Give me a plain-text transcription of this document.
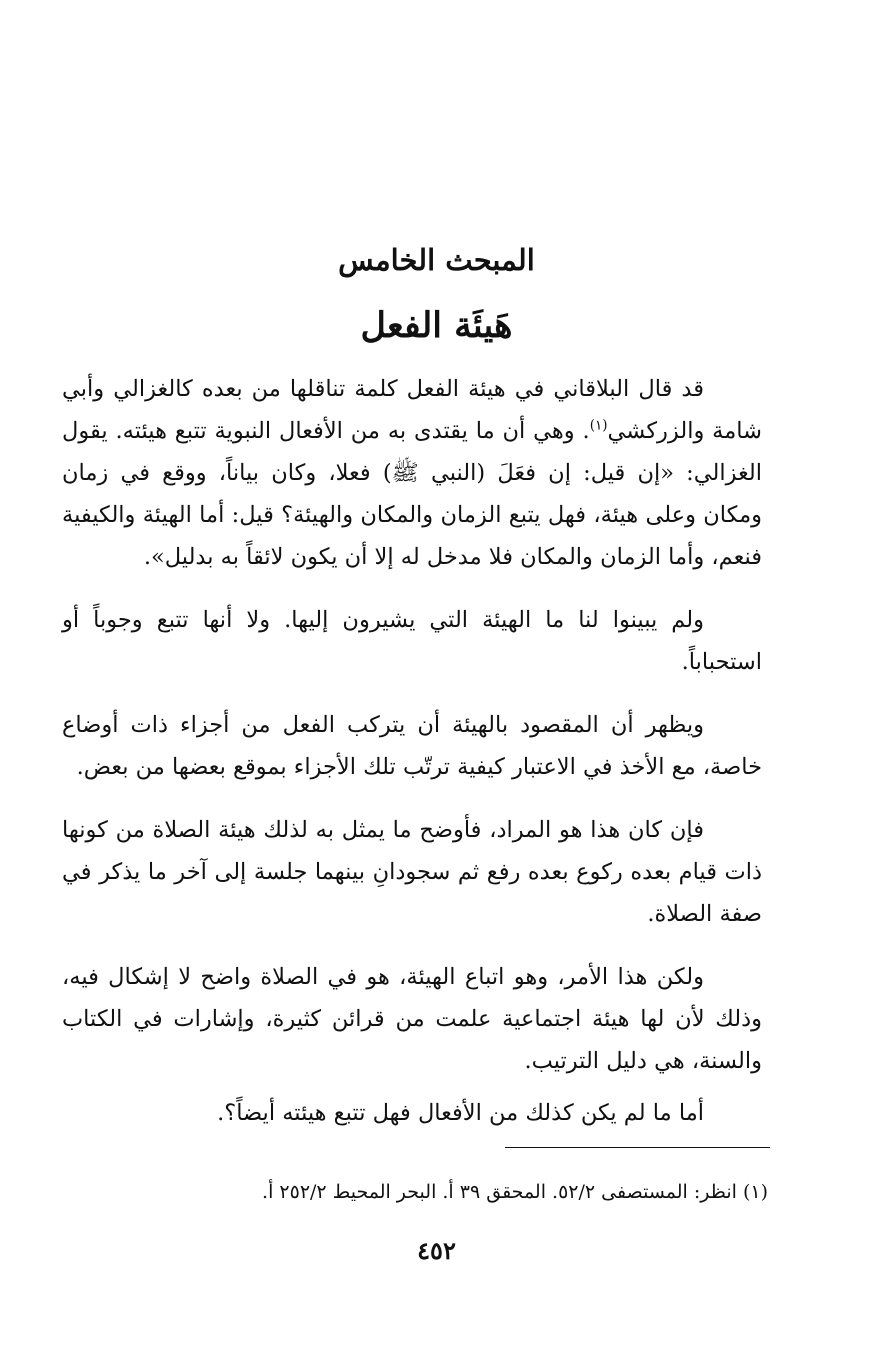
المبحث الخامس
هَيئَة الفعل

قد قال البلاقاني في هيئة الفعل كلمة تناقلها من بعده كالغزالي وأبي شامة والزركشي$^{(١)}$. وهي أن ما يقتدى به من الأفعال النبوية تتبع هيئته. يقول الغزالي: «إن قيل: إن فعَلَ (النبي ﷺ) فعلا، وكان بياناً، ووقع في زمان ومكان وعلى هيئة، فهل يتبع الزمان والمكان والهيئة؟ قيل: أما الهيئة والكيفية فنعم، وأما الزمان والمكان فلا مدخل له إلا أن يكون لائقاً به بدليل».

ولم يبينوا لنا ما الهيئة التي يشيرون إليها. ولا أنها تتبع وجوباً أو استحباباً.

ويظهر أن المقصود بالهيئة أن يتركب الفعل من أجزاء ذات أوضاع خاصة، مع الأخذ في الاعتبار كيفية ترتّب تلك الأجزاء بموقع بعضها من بعض.

فإن كان هذا هو المراد، فأوضح ما يمثل به لذلك هيئة الصلاة من كونها ذات قيام بعده ركوع بعده رفع ثم سجودانِ بينهما جلسة إلى آخر ما يذكر في صفة الصلاة.

ولكن هذا الأمر، وهو اتباع الهيئة، هو في الصلاة واضح لا إشكال فيه، وذلك لأن لها هيئة اجتماعية علمت من قرائن كثيرة، وإشارات في الكتاب والسنة، هي دليل الترتيب.

أما ما لم يكن كذلك من الأفعال فهل تتبع هيئته أيضاً؟.

(١) انظر: المستصفى ٥٢/٢. المحقق ٣٩ أ. البحر المحيط ٢٥٢/٢ أ.
٤٥٢
